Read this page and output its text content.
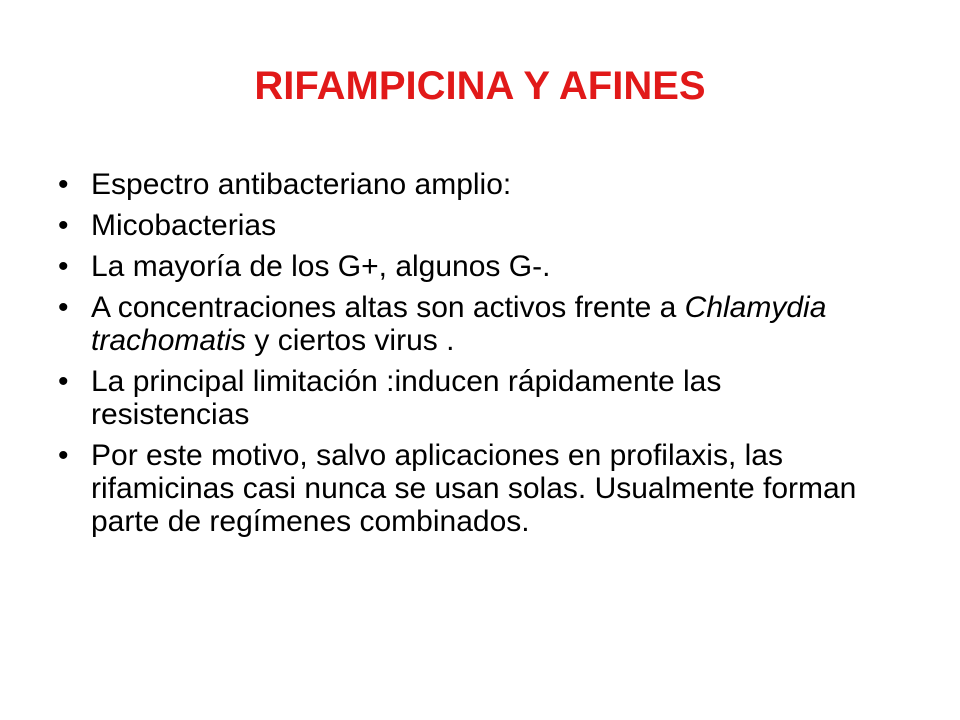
RIFAMPICINA Y AFINES
• Espectro antibacteriano amplio:
• Micobacterias
• La mayoría de los G+, algunos G-.
• A concentraciones altas son activos frente a Chlamydia trachomatis y ciertos virus .
• La principal limitación :inducen rápidamente las resistencias
• Por este motivo, salvo aplicaciones en profilaxis, las rifamicinas casi nunca se usan solas. Usualmente forman parte de regímenes combinados.
